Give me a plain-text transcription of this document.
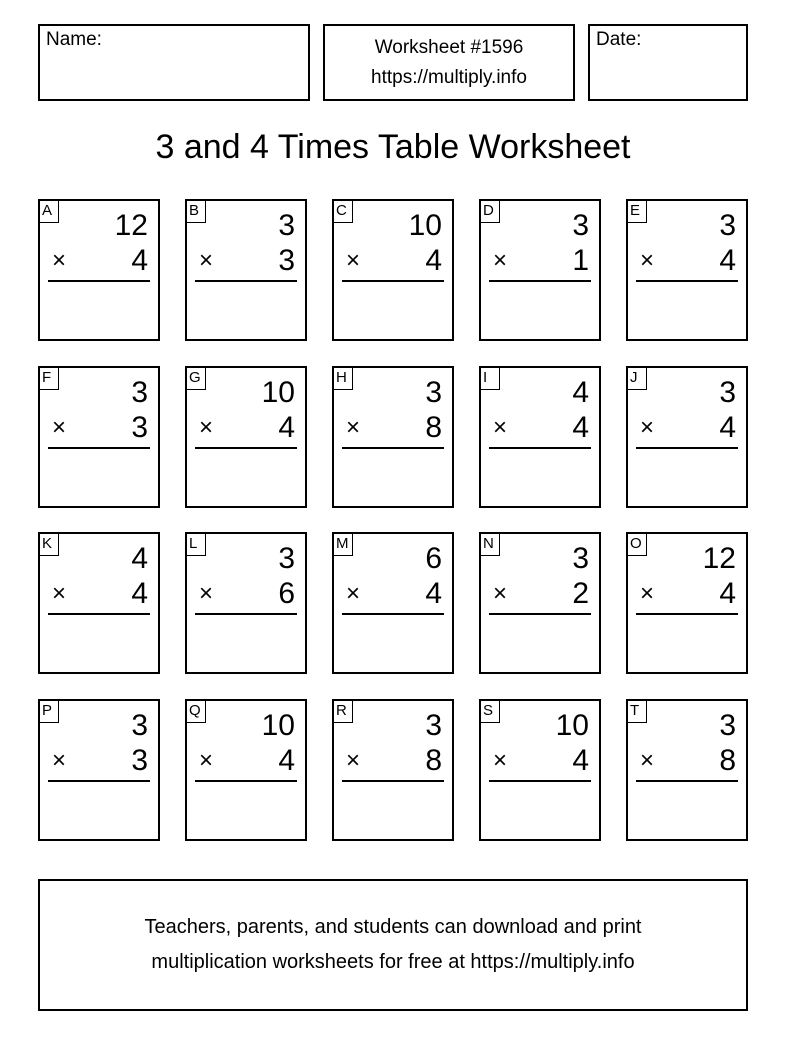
Name:	Worksheet #1596
https://multiply.info
Date:
3 and 4 Times Table Worksheet
A 12
× 4
B	3
× 3
C 10
× 4
D	3
× 1
E	3
× 4
F	3
× 3
G 10
× 4
H	3
× 8
I	4
× 4
J	3
× 4
K	4
× 4
L	3
× 6
M	6
× 4
N	3
× 2
O 12
× 4
P	3
× 3
Q 10
× 4
R	3
× 8
S 10
× 4
T	3
× 8
Teachers, parents, and students can download and print
multiplication worksheets for free at https://multiply.info
